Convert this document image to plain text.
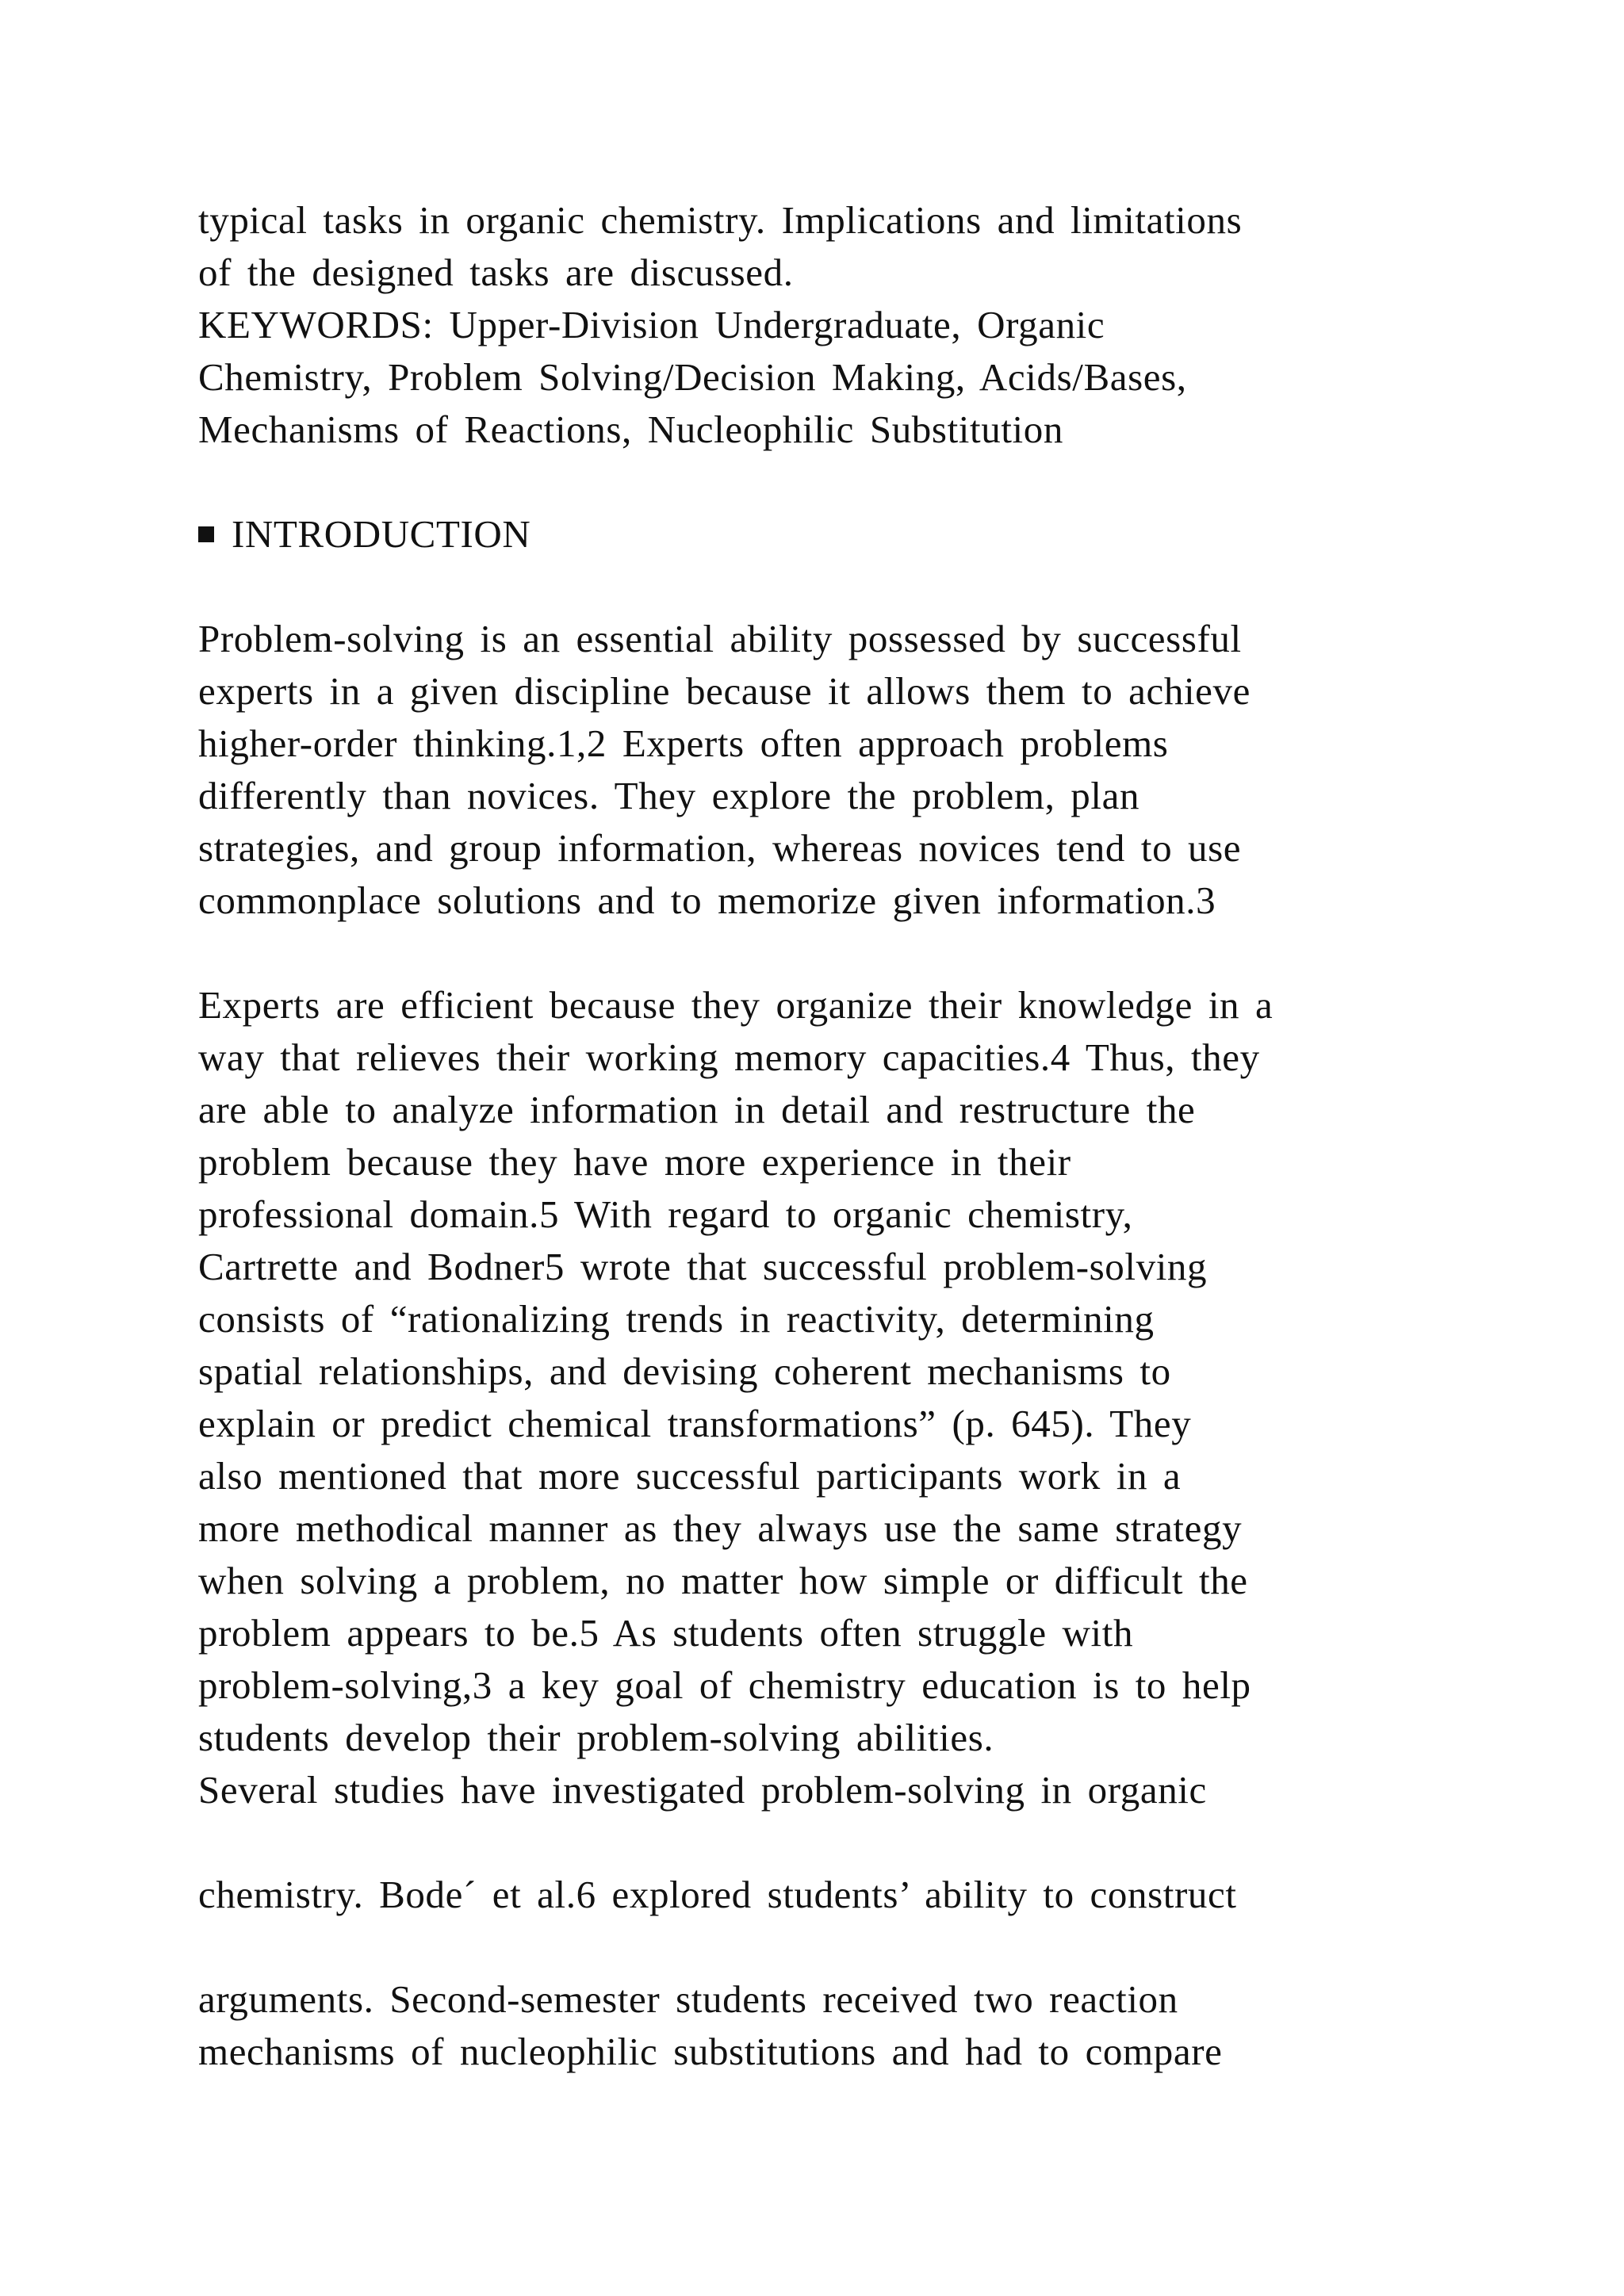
typical tasks in organic chemistry. Implications and limitations
of the designed tasks are discussed.
KEYWORDS: Upper-Division Undergraduate, Organic
Chemistry, Problem Solving/Decision Making, Acids/Bases,
Mechanisms of Reactions, Nucleophilic Substitution
INTRODUCTION
Problem-solving is an essential ability possessed by successful
experts in a given discipline because it allows them to achieve
higher-order thinking.1,2 Experts often approach problems
differently than novices. They explore the problem, plan
strategies, and group information, whereas novices tend to use
commonplace solutions and to memorize given information.3
Experts are efficient because they organize their knowledge in a
way that relieves their working memory capacities.4 Thus, they
are able to analyze information in detail and restructure the
problem because they have more experience in their
professional domain.5 With regard to organic chemistry,
Cartrette and Bodner5 wrote that successful problem-solving
consists of “rationalizing trends in reactivity, determining
spatial relationships, and devising coherent mechanisms to
explain or predict chemical transformations” (p. 645). They
also mentioned that more successful participants work in a
more methodical manner as they always use the same strategy
when solving a problem, no matter how simple or difficult the
problem appears to be.5 As students often struggle with
problem-solving,3 a key goal of chemistry education is to help
students develop their problem-solving abilities.
Several studies have investigated problem-solving in organic
chemistry. Bode´ et al.6 explored students’ ability to construct
arguments. Second-semester students received two reaction
mechanisms of nucleophilic substitutions and had to compare
